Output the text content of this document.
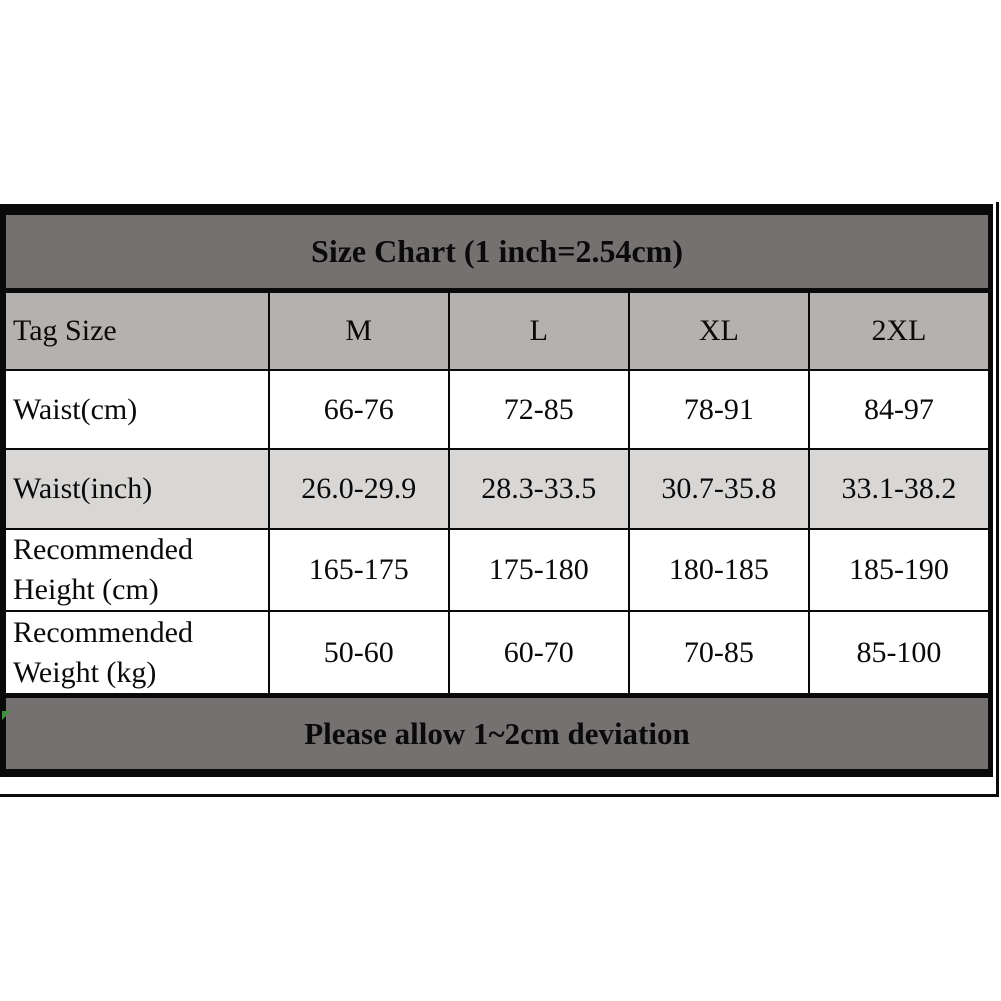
Size Chart (1 inch=2.54cm)				
Tag Size	M	L	XL	2XL
Waist(cm)	66-76	72-85	78-91	84-97
Waist(inch)	26.0-29.9	28.3-33.5	30.7-35.8	33.1-38.2
Recommended Height (cm)	165-175	175-180	180-185	185-190
Recommended Weight (kg)	50-60	60-70	70-85	85-100
Please allow 1~2cm deviation				
